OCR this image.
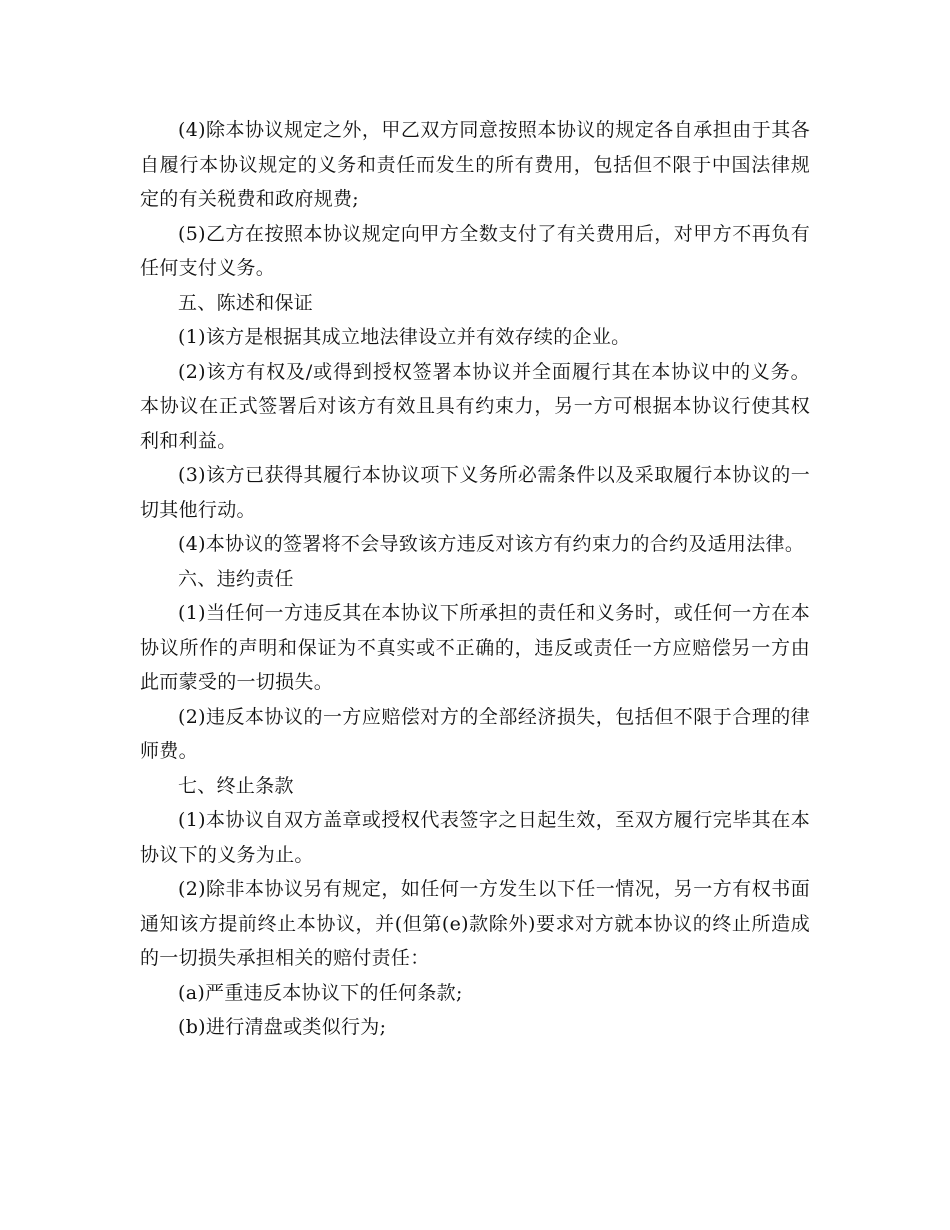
(4)除本协议规定之外，甲乙双方同意按照本协议的规定各自承担由于其各自履行本协议规定的义务和责任而发生的所有费用，包括但不限于中国法律规定的有关税费和政府规费;

(5)乙方在按照本协议规定向甲方全数支付了有关费用后，对甲方不再负有任何支付义务。

五、陈述和保证

(1)该方是根据其成立地法律设立并有效存续的企业。

(2)该方有权及/或得到授权签署本协议并全面履行其在本协议中的义务。本协议在正式签署后对该方有效且具有约束力，另一方可根据本协议行使其权利和利益。

(3)该方已获得其履行本协议项下义务所必需条件以及采取履行本协议的一切其他行动。

(4)本协议的签署将不会导致该方违反对该方有约束力的合约及适用法律。

六、违约责任

(1)当任何一方违反其在本协议下所承担的责任和义务时，或任何一方在本协议所作的声明和保证为不真实或不正确的，违反或责任一方应赔偿另一方由此而蒙受的一切损失。

(2)违反本协议的一方应赔偿对方的全部经济损失，包括但不限于合理的律师费。

七、终止条款

(1)本协议自双方盖章或授权代表签字之日起生效，至双方履行完毕其在本协议下的义务为止。

(2)除非本协议另有规定，如任何一方发生以下任一情况，另一方有权书面通知该方提前终止本协议，并(但第(e)款除外)要求对方就本协议的终止所造成的一切损失承担相关的赔付责任：

(a)严重违反本协议下的任何条款;

(b)进行清盘或类似行为;
